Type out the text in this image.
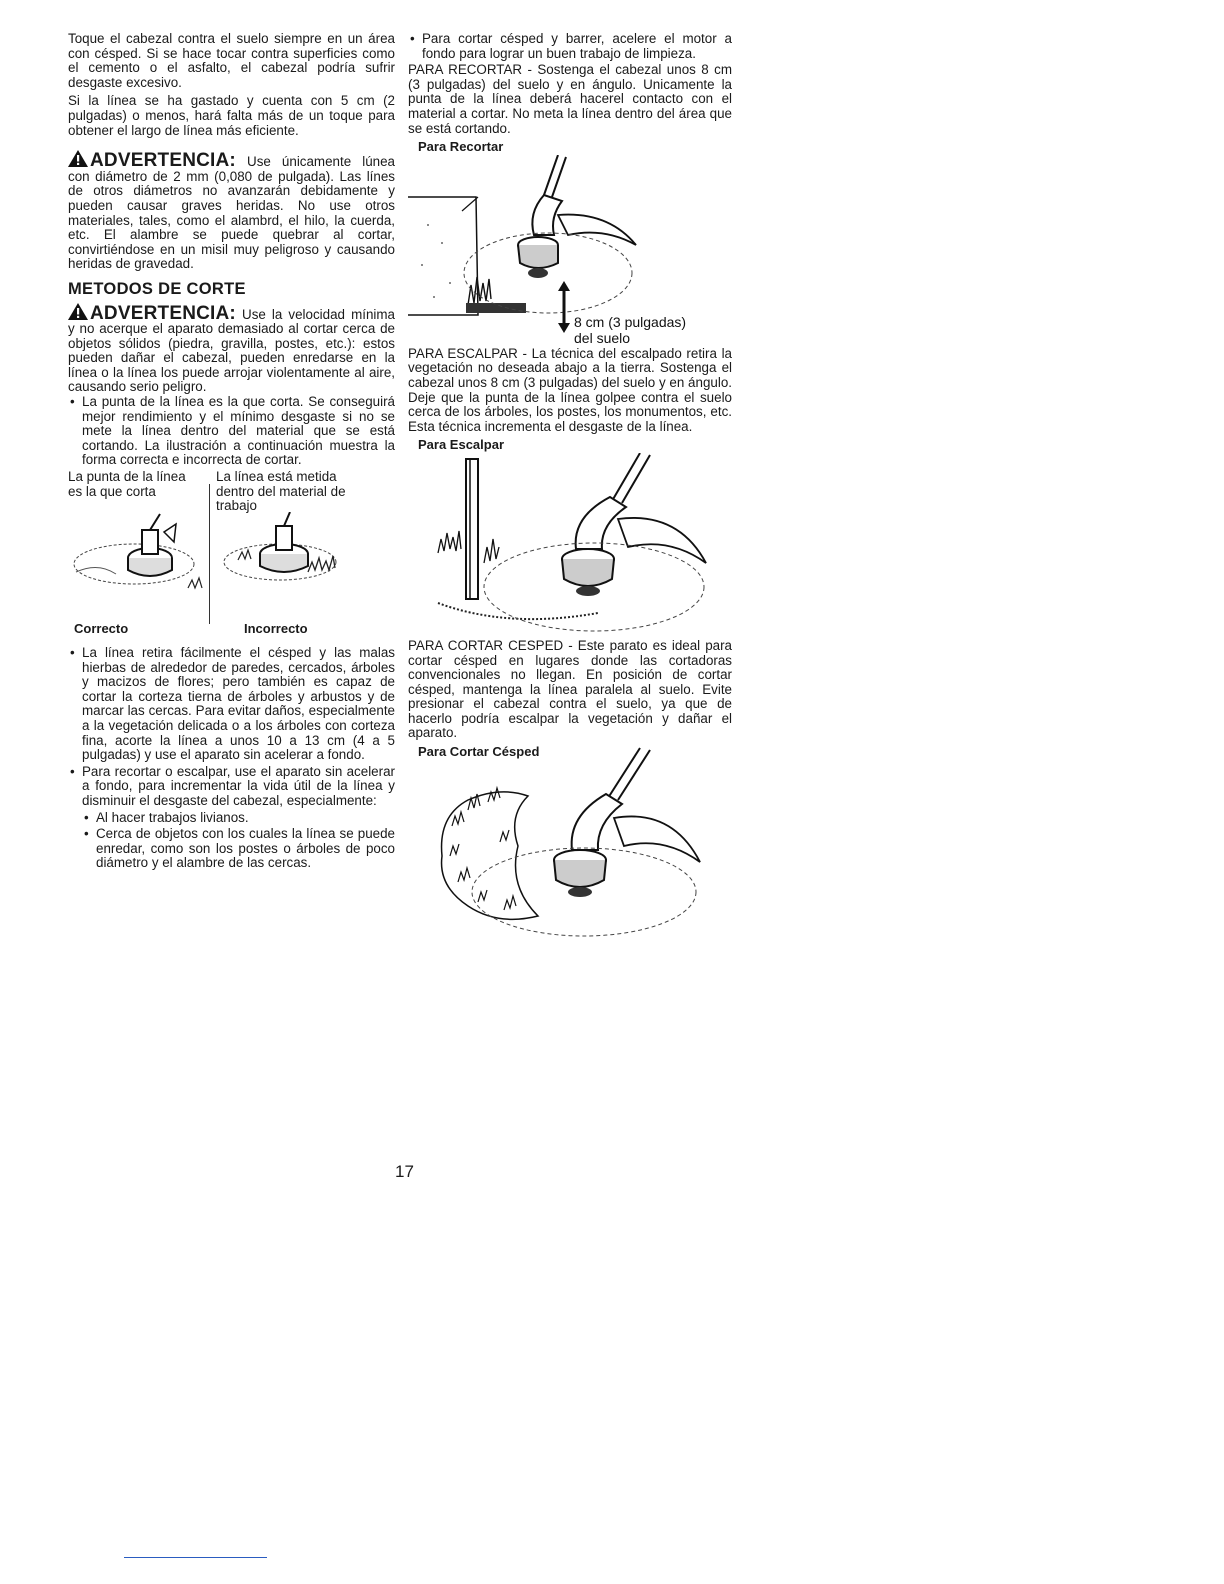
Toque el cabezal contra el suelo siempre en un área con césped. Si se hace tocar contra superficies como el cemento o el asfalto, el cabezal podría sufrir desgaste excesivo.

Si la línea se ha gastado y cuenta con 5 cm (2 pulgadas) o menos, hará falta más de un toque para obtener el largo de línea más eficiente.

ADVERTENCIA: Use únicamente lúnea con diámetro de 2 mm (0,080 de pulgada). Las línes de otros diámetros no avanzarán debidamente y pueden causar graves heridas. No use otros materiales, tales, como el alambrd, el hilo, la cuerda, etc. El alambre se puede quebrar al cortar, convirtiéndose en un misil muy peligroso y causando heridas de gravedad.
METODOS DE CORTE
ADVERTENCIA: Use la velocidad mínima y no acerque el aparato demasiado al cortar cerca de objetos sólidos (piedra, gravilla, postes, etc.): estos pueden dañar el cabezal, pueden enredarse en la línea o la línea los puede arrojar violentamente al aire, causando serio peligro.
• La punta de la línea es la que corta. Se conseguirá mejor rendimiento y el mínimo desgaste si no se mete la línea dentro del material que se está cortando. La ilustración a continuación muestra la forma correcta e incorrecta de cortar.
La punta de la línea es la que corta
La línea está metida dentro del material de trabajo
Correcto	Incorrecto
• La línea retira fácilmente el césped y las malas hierbas de alrededor de paredes, cercados, árboles y macizos de flores; pero también es capaz de cortar la corteza tierna de árboles y arbustos y de marcar las cercas. Para evitar daños, especialmente a la vegetación delicada o a los árboles con corteza fina, acorte la línea a unos 10 a 13 cm (4 a 5 pulgadas) y use el aparato sin acelerar a fondo.
• Para recortar o escalpar, use el aparato sin acelerar a fondo, para incrementar la vida útil de la línea y disminuir el desgaste del cabezal, especialmente:
• Al hacer trabajos livianos.
• Cerca de objetos con los cuales la línea se puede enredar, como son los postes o árboles de poco diámetro y el alambre de las cercas.
• Para cortar césped y barrer, acelere el motor a fondo para lograr un buen trabajo de limpieza.

PARA RECORTAR - Sostenga el cabezal unos 8 cm (3 pulgadas) del suelo y en ángulo. Unicamente la punta de la línea deberá hacerel contacto con el material a cortar. No meta la línea dentro del área que se está cortando.

Para Recortar
8 cm (3 pulgadas)
del suelo

PARA ESCALPAR - La técnica del escalpado retira la vegetación no deseada abajo a la tierra. Sostenga el cabezal unos 8 cm (3 pulgadas) del suelo y en ángulo. Deje que la punta de la línea golpee contra el suelo cerca de los árboles, los postes, los monumentos, etc. Esta técnica incrementa el desgaste de la línea.

Para Escalpar

PARA CORTAR CESPED - Este parato es ideal para cortar césped en lugares donde las cortadoras convencionales no llegan. En posición de cortar césped, mantenga la línea paralela al suelo. Evite presionar el cabezal contra el suelo, ya que de hacerlo podría escalpar la vegetación y dañar el aparato.

Para Cortar Césped
17
